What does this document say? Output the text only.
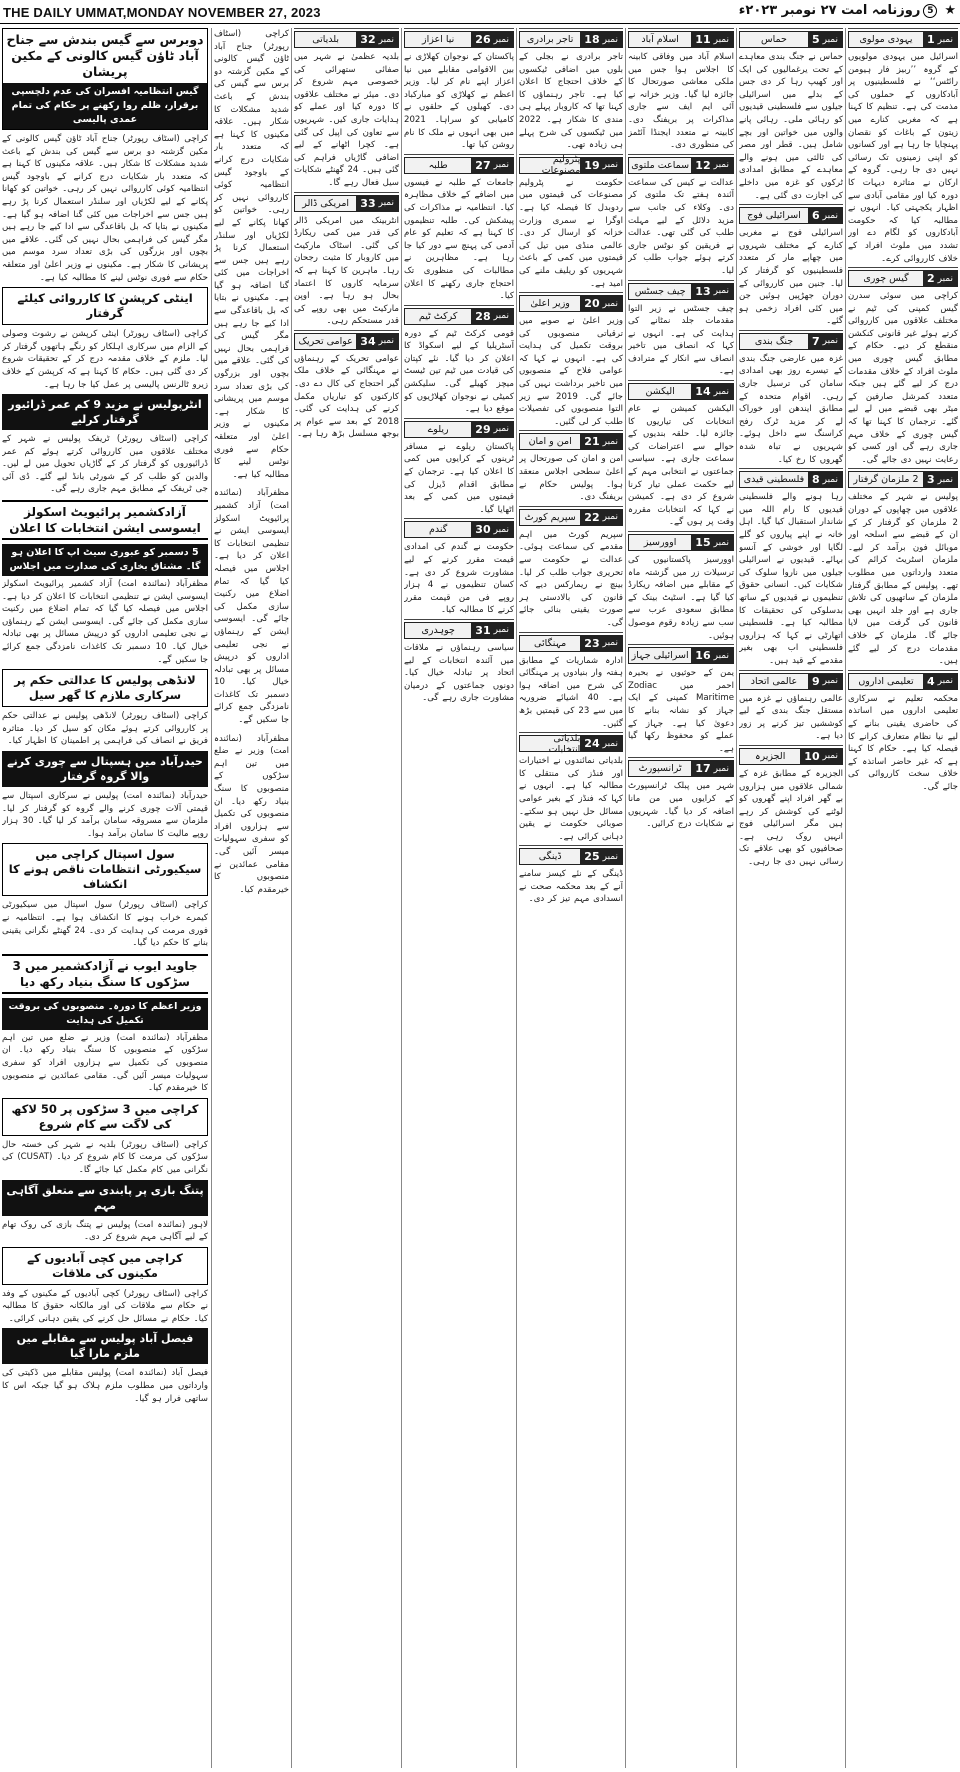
THE DAILY UMMAT,MONDAY NOVEMBER 27, 2023	★5روزنامہ امت ۲۷ نومبر ۲۰۲۳ء
نمبر
1
یہودی مولوی
اسرائیل میں یہودی مولویوں کے گروہ ’’ربیز فار ہیومن رائٹس‘‘ نے فلسطینیوں پر آبادکاروں کے حملوں کی مذمت کی ہے۔ تنظیم کا کہنا ہے کہ مغربی کنارے میں زیتون کے باغات کو نقصان پہنچایا جا رہا ہے اور کسانوں کو اپنی زمینوں تک رسائی نہیں دی جا رہی۔ گروہ کے ارکان نے متاثرہ دیہات کا دورہ کیا اور مقامی آبادی سے اظہار یکجہتی کیا۔ انہوں نے مطالبہ کیا کہ حکومت آبادکاروں کو لگام دے اور تشدد میں ملوث افراد کے خلاف کارروائی کرے۔
نمبر
2
گیس چوری
کراچی میں سوئی سدرن گیس کمپنی کی ٹیم نے مختلف علاقوں میں کارروائی کرتے ہوئے غیر قانونی کنکشن منقطع کر دیے۔ حکام کے مطابق گیس چوری میں ملوث افراد کے خلاف مقدمات درج کر لیے گئے ہیں جبکہ متعدد کمرشل صارفین کے میٹر بھی قبضے میں لے لیے گئے۔ ترجمان کا کہنا تھا کہ گیس چوری کے خلاف مہم جاری رہے گی اور کسی کو رعایت نہیں دی جائے گی۔
نمبر
3
2 ملزمان گرفتار
پولیس نے شہر کے مختلف علاقوں میں چھاپوں کے دوران 2 ملزمان کو گرفتار کر کے ان کے قبضے سے اسلحہ اور موبائل فون برآمد کر لیے۔ ملزمان اسٹریٹ کرائم کی متعدد وارداتوں میں مطلوب تھے۔ پولیس کے مطابق گرفتار ملزمان کے ساتھیوں کی تلاش جاری ہے اور جلد انہیں بھی قانون کی گرفت میں لایا جائے گا۔ ملزمان کے خلاف مقدمات درج کر لیے گئے ہیں۔
نمبر
4
تعلیمی اداروں
محکمہ تعلیم نے سرکاری تعلیمی اداروں میں اساتذہ کی حاضری یقینی بنانے کے لیے نیا نظام متعارف کرانے کا فیصلہ کیا ہے۔ حکام کا کہنا ہے کہ غیر حاضر اساتذہ کے خلاف سخت کارروائی کی جائے گی۔
نمبر
5
حماس
حماس نے جنگ بندی معاہدے کے تحت یرغمالیوں کی ایک اور کھیپ رہا کر دی جس کے بدلے میں اسرائیلی جیلوں سے فلسطینی قیدیوں کو رہائی ملی۔ رہائی پانے والوں میں خواتین اور بچے شامل ہیں۔ قطر اور مصر کی ثالثی میں ہونے والے معاہدے کے مطابق امدادی ٹرکوں کو غزہ میں داخلے کی اجازت دی گئی ہے۔
نمبر
6
اسرائیلی فوج
اسرائیلی فوج نے مغربی کنارے کے مختلف شہروں میں چھاپے مار کر متعدد فلسطینیوں کو گرفتار کر لیا۔ جنین میں کارروائی کے دوران جھڑپیں ہوئیں جن میں کئی افراد زخمی ہو گئے۔
نمبر
7
جنگ بندی
غزہ میں عارضی جنگ بندی کے تیسرے روز بھی امدادی سامان کی ترسیل جاری رہی۔ اقوام متحدہ کے مطابق ایندھن اور خوراک لے کر مزید ٹرک رفح کراسنگ سے داخل ہوئے۔ شہریوں نے تباہ شدہ گھروں کا رخ کیا۔
نمبر
8
فلسطینی قیدی
رہا ہونے والے فلسطینی قیدیوں کا رام اللہ میں شاندار استقبال کیا گیا۔ اہل خانہ نے اپنے پیاروں کو گلے لگایا اور خوشی کے آنسو بہائے۔ قیدیوں نے اسرائیلی جیلوں میں ناروا سلوک کی شکایات کیں۔ انسانی حقوق تنظیموں نے قیدیوں کے ساتھ بدسلوکی کی تحقیقات کا مطالبہ کیا ہے۔ فلسطینی اتھارٹی نے کہا کہ ہزاروں فلسطینی اب بھی بغیر مقدمے کے قید ہیں۔
نمبر
9
عالمی اتحاد
عالمی رہنماؤں نے غزہ میں مستقل جنگ بندی کے لیے کوششیں تیز کرنے پر زور دیا ہے۔
نمبر
10
الجزیرہ
الجزیرہ کے مطابق غزہ کے شمالی علاقوں میں ہزاروں بے گھر افراد اپنے گھروں کو لوٹنے کی کوشش کر رہے ہیں مگر اسرائیلی فوج انہیں روک رہی ہے۔ صحافیوں کو بھی علاقے تک رسائی نہیں دی جا رہی۔
نمبر
11
اسلام آباد
اسلام آباد میں وفاقی کابینہ کا اجلاس ہوا جس میں ملکی معاشی صورتحال کا جائزہ لیا گیا۔ وزیر خزانہ نے آئی ایم ایف سے جاری مذاکرات پر بریفنگ دی۔ کابینہ نے متعدد ایجنڈا آئٹمز کی منظوری دی۔
نمبر
12
سماعت ملتوی
عدالت نے کیس کی سماعت آئندہ ہفتے تک ملتوی کر دی۔ وکلاء کی جانب سے مزید دلائل کے لیے مہلت طلب کی گئی تھی۔ عدالت نے فریقین کو نوٹس جاری کرتے ہوئے جواب طلب کر لیا۔
نمبر
13
چیف جسٹس
چیف جسٹس نے زیر التوا مقدمات جلد نمٹانے کی ہدایت کی ہے۔ انہوں نے کہا کہ انصاف میں تاخیر انصاف سے انکار کے مترادف ہے۔
نمبر
14
الیکشن
الیکشن کمیشن نے عام انتخابات کی تیاریوں کا جائزہ لیا۔ حلقہ بندیوں کے حوالے سے اعتراضات کی سماعت جاری ہے۔ سیاسی جماعتوں نے انتخابی مہم کے لیے حکمت عملی تیار کرنا شروع کر دی ہے۔ کمیشن نے کہا کہ انتخابات مقررہ وقت پر ہوں گے۔
نمبر
15
اوورسیز
اوورسیز پاکستانیوں کی ترسیلات زر میں گزشتہ ماہ کے مقابلے میں اضافہ ریکارڈ کیا گیا ہے۔ اسٹیٹ بینک کے مطابق سعودی عرب سے سب سے زیادہ رقوم موصول ہوئیں۔
نمبر
16
اسرائیلی جہاز
یمن کے حوثیوں نے بحیرہ احمر میں Zodiac Maritime کمپنی کے ایک جہاز کو نشانہ بنانے کا دعویٰ کیا ہے۔ جہاز کے عملے کو محفوظ رکھا گیا ہے۔
نمبر
17
ٹرانسپورٹ
شہر میں پبلک ٹرانسپورٹ کے کرایوں میں من مانا اضافہ کر دیا گیا۔ شہریوں نے شکایات درج کرائیں۔
نمبر
18
تاجر برادری
تاجر برادری نے بجلی کے بلوں میں اضافی ٹیکسوں کے خلاف احتجاج کا اعلان کیا ہے۔ تاجر رہنماؤں کا کہنا تھا کہ کاروبار پہلے ہی مندی کا شکار ہے۔ 2022 میں ٹیکسوں کی شرح پہلے ہی زیادہ تھی۔
نمبر
19
پٹرولیم مصنوعات
حکومت نے پٹرولیم مصنوعات کی قیمتوں میں ردوبدل کا فیصلہ کیا ہے۔ اوگرا نے سمری وزارت خزانہ کو ارسال کر دی۔ عالمی منڈی میں تیل کی قیمتوں میں کمی کے باعث شہریوں کو ریلیف ملنے کی امید ہے۔
نمبر
20
وزیر اعلیٰ
وزیر اعلیٰ نے صوبے میں ترقیاتی منصوبوں کی بروقت تکمیل کی ہدایت کی ہے۔ انہوں نے کہا کہ عوامی فلاح کے منصوبوں میں تاخیر برداشت نہیں کی جائے گی۔ 2019 سے زیر التوا منصوبوں کی تفصیلات طلب کر لی گئیں۔
نمبر
21
امن و امان
امن و امان کی صورتحال پر اعلیٰ سطحی اجلاس منعقد ہوا۔ پولیس حکام نے بریفنگ دی۔
نمبر
22
سپریم کورٹ
سپریم کورٹ میں اہم مقدمے کی سماعت ہوئی۔ عدالت نے حکومت سے تحریری جواب طلب کر لیا۔ بینچ نے ریمارکس دیے کہ قانون کی بالادستی ہر صورت یقینی بنائی جائے گی۔
نمبر
23
مہنگائی
ادارہ شماریات کے مطابق ہفتہ وار بنیادوں پر مہنگائی کی شرح میں اضافہ ہوا ہے۔ 40 اشیائے ضروریہ میں سے 23 کی قیمتیں بڑھ گئیں۔
نمبر
24
بلدیاتی انتخابات
بلدیاتی نمائندوں نے اختیارات اور فنڈز کی منتقلی کا مطالبہ کیا ہے۔ انہوں نے کہا کہ فنڈز کے بغیر عوامی مسائل حل نہیں ہو سکتے۔ صوبائی حکومت نے یقین دہانی کرائی ہے۔
نمبر
25
ڈینگی
ڈینگی کے نئے کیسز سامنے آنے کے بعد محکمہ صحت نے انسدادی مہم تیز کر دی۔
نمبر
26
نیا اعزاز
پاکستان کے نوجوان کھلاڑی نے بین الاقوامی مقابلے میں نیا اعزاز اپنے نام کر لیا۔ وزیر اعظم نے کھلاڑی کو مبارکباد دی۔ کھیلوں کے حلقوں نے کامیابی کو سراہا۔ 2021 میں بھی انہوں نے ملک کا نام روشن کیا تھا۔
نمبر
27
طلبہ
جامعات کے طلبہ نے فیسوں میں اضافے کے خلاف مظاہرہ کیا۔ انتظامیہ نے مذاکرات کی پیشکش کی۔ طلبہ تنظیموں کا کہنا ہے کہ تعلیم کو عام آدمی کی پہنچ سے دور کیا جا رہا ہے۔ مظاہرین نے مطالبات کی منظوری تک احتجاج جاری رکھنے کا اعلان کیا۔
نمبر
28
کرکٹ ٹیم
قومی کرکٹ ٹیم کے دورہ آسٹریلیا کے لیے اسکواڈ کا اعلان کر دیا گیا۔ نئے کپتان کی قیادت میں ٹیم تین ٹیسٹ میچز کھیلے گی۔ سلیکشن کمیٹی نے نوجوان کھلاڑیوں کو موقع دیا ہے۔
نمبر
29
ریلوے
پاکستان ریلوے نے مسافر ٹرینوں کے کرایوں میں کمی کا اعلان کیا ہے۔ ترجمان کے مطابق اقدام ڈیزل کی قیمتوں میں کمی کے بعد اٹھایا گیا۔
نمبر
30
گندم
حکومت نے گندم کی امدادی قیمت مقرر کرنے کے لیے مشاورت شروع کر دی ہے۔ کسان تنظیموں نے 4 ہزار روپے فی من قیمت مقرر کرنے کا مطالبہ کیا۔
نمبر
31
چوہدری
سیاسی رہنماؤں نے ملاقات میں آئندہ انتخابات کے لیے اتحاد پر تبادلہ خیال کیا۔ دونوں جماعتوں کے درمیان مشاورت جاری رہے گی۔
نمبر
32
بلدیاتی
بلدیہ عظمیٰ نے شہر میں صفائی ستھرائی کی خصوصی مہم شروع کر دی۔ میئر نے مختلف علاقوں کا دورہ کیا اور عملے کو ہدایات جاری کیں۔ شہریوں سے تعاون کی اپیل کی گئی ہے۔ کچرا اٹھانے کے لیے اضافی گاڑیاں فراہم کی گئی ہیں۔ 24 گھنٹے شکایات سیل فعال رہے گا۔
نمبر
33
امریکی ڈالر
انٹربینک میں امریکی ڈالر کی قدر میں کمی ریکارڈ کی گئی۔ اسٹاک مارکیٹ میں کاروبار کا مثبت رجحان رہا۔ ماہرین کا کہنا ہے کہ سرمایہ کاروں کا اعتماد بحال ہو رہا ہے۔ اوپن مارکیٹ میں بھی روپے کی قدر مستحکم رہی۔
نمبر
34
عوامی تحریک
عوامی تحریک کے رہنماؤں نے مہنگائی کے خلاف ملک گیر احتجاج کی کال دے دی۔ کارکنوں کو تیاریاں مکمل کرنے کی ہدایت کی گئی۔ 2018 کے بعد سے عوام پر بوجھ مسلسل بڑھ رہا ہے۔
کراچی (اسٹاف رپورٹر) جناح آباد ٹاؤن گیس کالونی کے مکین گزشتہ دو برس سے گیس کی بندش کے باعث شدید مشکلات کا شکار ہیں۔ علاقہ مکینوں کا کہنا ہے کہ متعدد بار شکایات درج کرانے کے باوجود گیس انتظامیہ کوئی کارروائی نہیں کر رہی۔ خواتین کو کھانا پکانے کے لیے لکڑیاں اور سلنڈر استعمال کرنا پڑ رہے ہیں جس سے اخراجات میں کئی گنا اضافہ ہو گیا ہے۔ مکینوں نے بتایا کہ بل باقاعدگی سے ادا کیے جا رہے ہیں مگر گیس کی فراہمی بحال نہیں کی گئی۔ علاقے میں بچوں اور بزرگوں کی بڑی تعداد سرد موسم میں پریشانی کا شکار ہے۔ مکینوں نے وزیر اعلیٰ اور متعلقہ حکام سے فوری نوٹس لینے کا مطالبہ کیا ہے۔
مظفرآباد (نمائندہ امت) آزاد کشمیر پرائیویٹ اسکولز ایسوسی ایشن نے تنظیمی انتخابات کا اعلان کر دیا ہے۔ اجلاس میں فیصلہ کیا گیا کہ تمام اضلاع میں رکنیت سازی مکمل کی جائے گی۔ ایسوسی ایشن کے رہنماؤں نے نجی تعلیمی اداروں کو درپیش مسائل پر بھی تبادلہ خیال کیا۔ 10 دسمبر تک کاغذات نامزدگی جمع کرائے جا سکیں گے۔
مظفرآباد (نمائندہ امت) وزیر نے ضلع میں تین اہم سڑکوں کے منصوبوں کا سنگ بنیاد رکھ دیا۔ ان منصوبوں کی تکمیل سے ہزاروں افراد کو سفری سہولیات میسر آئیں گی۔ مقامی عمائدین نے منصوبوں کا خیرمقدم کیا۔
دوبرس سے گیس بندش سے جناح آباد ٹاؤن گیس کالونی کے مکین پریشان
گیس انتظامیہ افسران کی عدم دلچسپی برقرار، ظلم روا رکھنے پر حکام کی تمام عمدی پالیسی
کراچی (اسٹاف رپورٹر) جناح آباد ٹاؤن گیس کالونی کے مکین گزشتہ دو برس سے گیس کی بندش کے باعث شدید مشکلات کا شکار ہیں۔ علاقہ مکینوں کا کہنا ہے کہ متعدد بار شکایات درج کرانے کے باوجود گیس انتظامیہ کوئی کارروائی نہیں کر رہی۔ خواتین کو کھانا پکانے کے لیے لکڑیاں اور سلنڈر استعمال کرنا پڑ رہے ہیں جس سے اخراجات میں کئی گنا اضافہ ہو گیا ہے۔ مکینوں نے بتایا کہ بل باقاعدگی سے ادا کیے جا رہے ہیں مگر گیس کی فراہمی بحال نہیں کی گئی۔ علاقے میں بچوں اور بزرگوں کی بڑی تعداد سرد موسم میں پریشانی کا شکار ہے۔ مکینوں نے وزیر اعلیٰ اور متعلقہ حکام سے فوری نوٹس لینے کا مطالبہ کیا ہے۔
اینٹی کرپشن کا کارروائی کیلئے گرفتار
کراچی (اسٹاف رپورٹر) اینٹی کرپشن نے رشوت وصولی کے الزام میں سرکاری اہلکار کو رنگے ہاتھوں گرفتار کر لیا۔ ملزم کے خلاف مقدمہ درج کر کے تحقیقات شروع کر دی گئی ہیں۔ حکام کا کہنا ہے کہ کرپشن کے خلاف زیرو ٹالرنس پالیسی پر عمل کیا جا رہا ہے۔
انٹرپولیس نے مزید 9 کم عمر ڈرائیور گرفتار کرلیے
کراچی (اسٹاف رپورٹر) ٹریفک پولیس نے شہر کے مختلف علاقوں میں کارروائی کرتے ہوئے کم عمر ڈرائیوروں کو گرفتار کر کے گاڑیاں تحویل میں لے لیں۔ والدین کو طلب کر کے شورٹی بانڈ لیے گئے۔ ڈی آئی جی ٹریفک کے مطابق مہم جاری رہے گی۔
آزادکشمیر پرائیویٹ اسکولز ایسوسی ایشن انتخابات کا اعلان
5 دسمبر کو عبوری سیٹ اپ کا اعلان ہو گا۔ مشتاق بخاری کی صدارت میں اجلاس
مظفرآباد (نمائندہ امت) آزاد کشمیر پرائیویٹ اسکولز ایسوسی ایشن نے تنظیمی انتخابات کا اعلان کر دیا ہے۔ اجلاس میں فیصلہ کیا گیا کہ تمام اضلاع میں رکنیت سازی مکمل کی جائے گی۔ ایسوسی ایشن کے رہنماؤں نے نجی تعلیمی اداروں کو درپیش مسائل پر بھی تبادلہ خیال کیا۔ 10 دسمبر تک کاغذات نامزدگی جمع کرائے جا سکیں گے۔
لانڈھی پولیس کا عدالتی حکم پر سرکاری ملازم کا گھر سیل
کراچی (اسٹاف رپورٹر) لانڈھی پولیس نے عدالتی حکم پر کارروائی کرتے ہوئے مکان کو سیل کر دیا۔ متاثرہ فریق نے انصاف کی فراہمی پر اطمینان کا اظہار کیا۔
حیدرآباد میں ہسپتال سے چوری کرنے والا گروہ گرفتار
حیدرآباد (نمائندہ امت) پولیس نے سرکاری اسپتال سے قیمتی آلات چوری کرنے والے گروہ کو گرفتار کر لیا۔ ملزمان سے مسروقہ سامان برآمد کر لیا گیا۔ 30 ہزار روپے مالیت کا سامان برآمد ہوا۔
سول اسپتال کراچی میں سیکیورٹی انتظامات ناقص ہونے کا انکشاف
کراچی (اسٹاف رپورٹر) سول اسپتال میں سیکیورٹی کیمرے خراب ہونے کا انکشاف ہوا ہے۔ انتظامیہ نے فوری مرمت کی ہدایت کر دی۔ 24 گھنٹے نگرانی یقینی بنانے کا حکم دیا گیا۔
جاوید ایوب نے آزادکشمیر میں 3 سڑکوں کا سنگ بنیاد رکھ دیا
وزیر اعظم کا دورہ۔ منصوبوں کی بروقت تکمیل کی ہدایت
مظفرآباد (نمائندہ امت) وزیر نے ضلع میں تین اہم سڑکوں کے منصوبوں کا سنگ بنیاد رکھ دیا۔ ان منصوبوں کی تکمیل سے ہزاروں افراد کو سفری سہولیات میسر آئیں گی۔ مقامی عمائدین نے منصوبوں کا خیرمقدم کیا۔
کراچی میں 3 سڑکوں پر 50 لاکھ کی لاگت سے کام شروع
کراچی (اسٹاف رپورٹر) بلدیہ نے شہر کی خستہ حال سڑکوں کی مرمت کا کام شروع کر دیا۔ (CUSAT) کی نگرانی میں کام مکمل کیا جائے گا۔
پتنگ بازی پر پابندی سے متعلق آگاہی مہم
لاہور (نمائندہ امت) پولیس نے پتنگ بازی کی روک تھام کے لیے آگاہی مہم شروع کر دی۔
کراچی میں کچی آبادیوں کے مکینوں کی ملاقات
کراچی (اسٹاف رپورٹر) کچی آبادیوں کے مکینوں کے وفد نے حکام سے ملاقات کی اور مالکانہ حقوق کا مطالبہ کیا۔ حکام نے مسائل حل کرنے کی یقین دہانی کرائی۔
فیصل آباد پولیس سے مقابلے میں ملزم مارا گیا
فیصل آباد (نمائندہ امت) پولیس مقابلے میں ڈکیتی کی وارداتوں میں مطلوب ملزم ہلاک ہو گیا جبکہ اس کا ساتھی فرار ہو گیا۔
